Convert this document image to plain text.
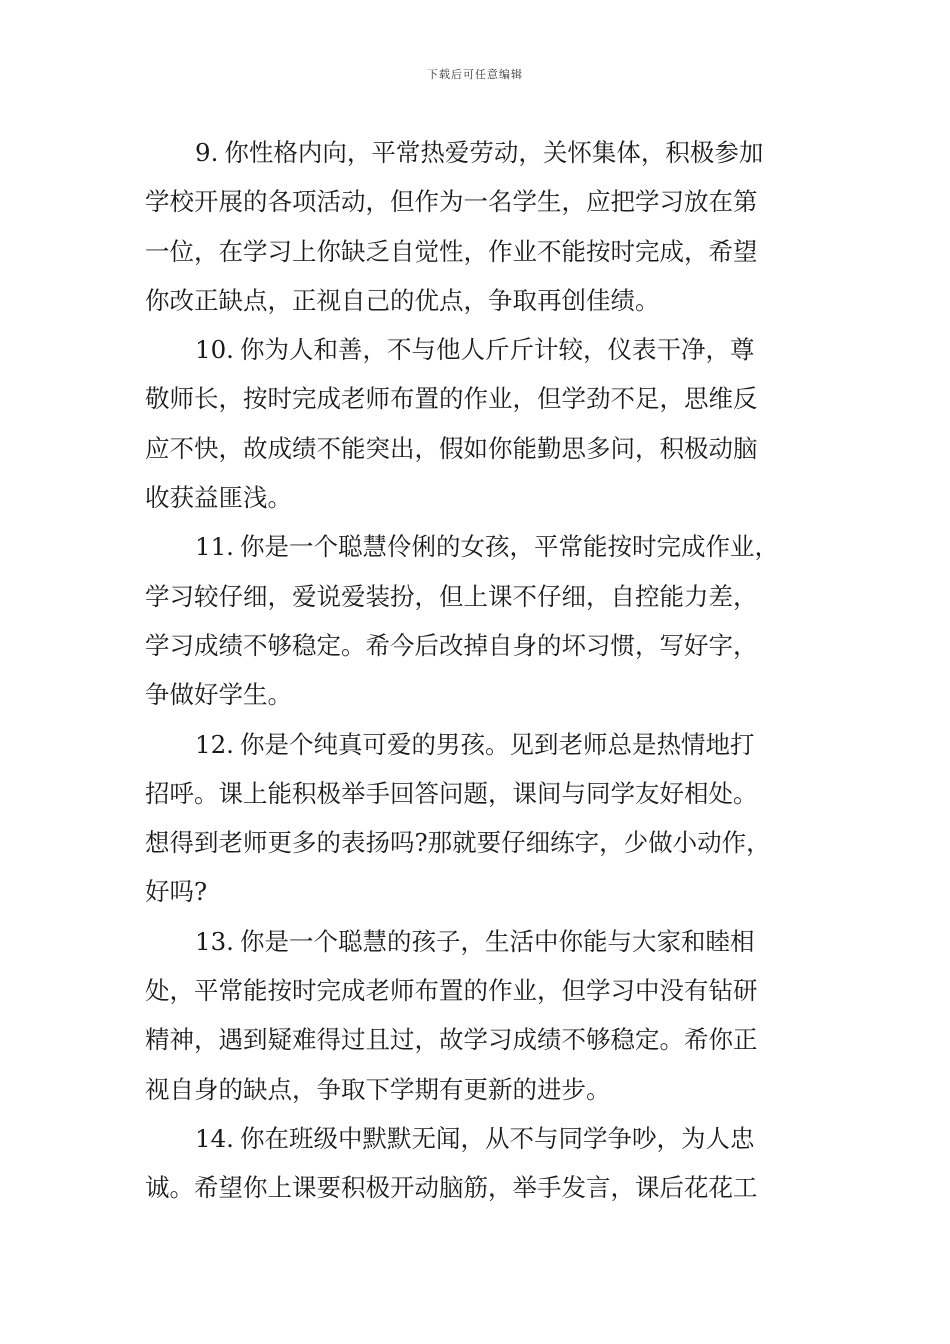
下载后可任意编辑
9. 你性格内向，平常热爱劳动，关怀集体，积极参加
学校开展的各项活动，但作为一名学生，应把学习放在第
一位，在学习上你缺乏自觉性，作业不能按时完成，希望
你改正缺点，正视自己的优点，争取再创佳绩。
10. 你为人和善，不与他人斤斤计较，仪表干净，尊
敬师长，按时完成老师布置的作业，但学劲不足，思维反
应不快，故成绩不能突出，假如你能勤思多问，积极动脑
收获益匪浅。
11. 你是一个聪慧伶俐的女孩，平常能按时完成作业，
学习较仔细，爱说爱装扮，但上课不仔细，自控能力差，
学习成绩不够稳定。希今后改掉自身的坏习惯，写好字，
争做好学生。
12. 你是个纯真可爱的男孩。见到老师总是热情地打
招呼。课上能积极举手回答问题，课间与同学友好相处。
想得到老师更多的表扬吗?那就要仔细练字，少做小动作，
好吗?
13. 你是一个聪慧的孩子，生活中你能与大家和睦相
处，平常能按时完成老师布置的作业，但学习中没有钻研
精神，遇到疑难得过且过，故学习成绩不够稳定。希你正
视自身的缺点，争取下学期有更新的进步。
14. 你在班级中默默无闻，从不与同学争吵，为人忠
诚。希望你上课要积极开动脑筋，举手发言，课后花花工
